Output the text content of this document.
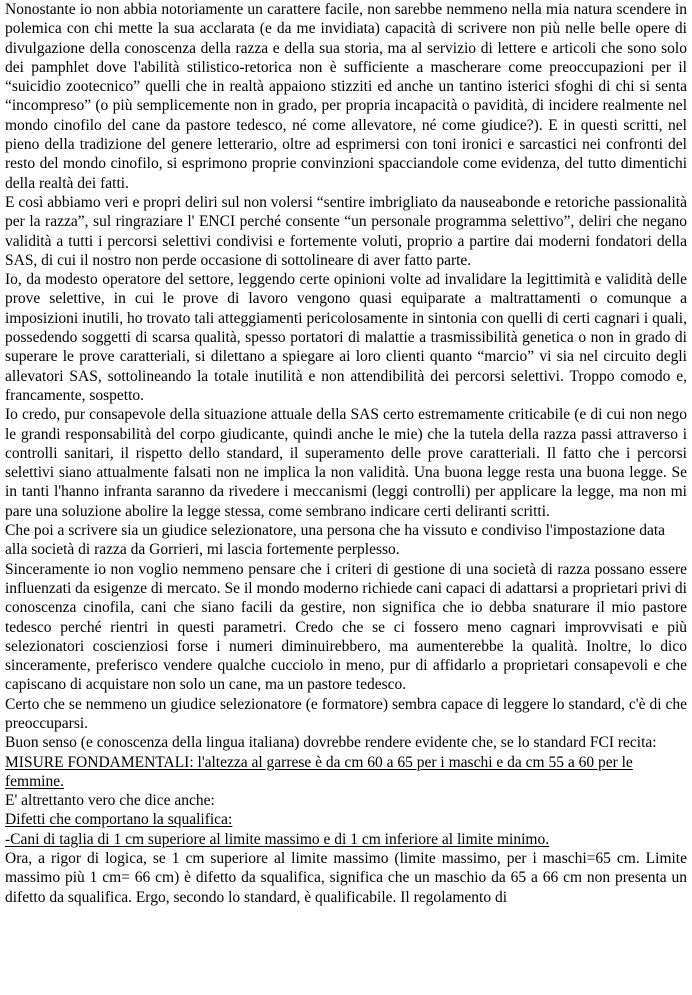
Nonostante io non abbia notoriamente un carattere facile, non sarebbe nemmeno nella mia natura scendere in polemica con chi mette la sua acclarata (e da me invidiata) capacità di scrivere non più nelle belle opere di divulgazione della conoscenza della razza e della sua storia, ma al servizio di lettere e articoli che sono solo dei pamphlet dove l'abilità stilistico-retorica non è sufficiente a mascherare come preoccupazioni per il “suicidio zootecnico” quelli che in realtà appaiono stizziti ed anche un tantino isterici sfoghi di chi si senta “incompreso” (o più semplicemente non in grado, per propria incapacità o pavidità, di incidere realmente nel mondo cinofilo del cane da pastore tedesco, né come allevatore, né come giudice?). E in questi scritti, nel pieno della tradizione del genere letterario, oltre ad esprimersi con toni ironici e sarcastici nei confronti del resto del mondo cinofilo, si esprimono proprie convinzioni spacciandole come evidenza, del tutto dimentichi della realtà dei fatti.

E così abbiamo veri e propri deliri sul non volersi “sentire imbrigliato da nauseabonde e retoriche passionalità per la razza”, sul ringraziare l' ENCI perché consente “un personale programma selettivo”, deliri che negano validità a tutti i percorsi selettivi condivisi e fortemente voluti, proprio a partire dai moderni fondatori della SAS, di cui il nostro non perde occasione di sottolineare di aver fatto parte.

Io, da modesto operatore del settore, leggendo certe opinioni volte ad invalidare la legittimità e validità delle prove selettive, in cui le prove di lavoro vengono quasi equiparate a maltrattamenti o comunque a imposizioni inutili, ho trovato tali atteggiamenti pericolosamente in sintonia con quelli di certi cagnari i quali, possedendo soggetti di scarsa qualità, spesso portatori di malattie a trasmissibilità genetica o non in grado di superare le prove caratteriali, si dilettano a spiegare ai loro clienti quanto “marcio” vi sia nel circuito degli allevatori SAS, sottolineando la totale inutilità e non attendibilità dei percorsi selettivi. Troppo comodo e, francamente, sospetto.

Io credo, pur consapevole della situazione attuale della SAS certo estremamente criticabile (e di cui non nego le grandi responsabilità del corpo giudicante, quindi anche le mie) che la tutela della razza passi attraverso i controlli sanitari, il rispetto dello standard, il superamento delle prove caratteriali. Il fatto che i percorsi selettivi siano attualmente falsati non ne implica la non validità. Una buona legge resta una buona legge. Se in tanti l'hanno infranta saranno da rivedere i meccanismi (leggi controlli) per applicare la legge, ma non mi pare una soluzione abolire la legge stessa, come sembrano indicare certi deliranti scritti.

Che poi a scrivere sia un giudice selezionatore, una persona che ha vissuto e condiviso l'impostazione data alla società di razza da Gorrieri, mi lascia fortemente perplesso.

Sinceramente io non voglio nemmeno pensare che i criteri di gestione di una società di razza possano essere influenzati da esigenze di mercato. Se il mondo moderno richiede cani capaci di adattarsi a proprietari privi di conoscenza cinofila, cani che siano facili da gestire, non significa che io debba snaturare il mio pastore tedesco perché rientri in questi parametri. Credo che se ci fossero meno cagnari improvvisati e più selezionatori coscienziosi forse i numeri diminuirebbero, ma aumenterebbe la qualità. Inoltre, lo dico sinceramente, preferisco vendere qualche cucciolo in meno, pur di affidarlo a proprietari consapevoli e che capiscano di acquistare non solo un cane, ma un pastore tedesco.

Certo che se nemmeno un giudice selezionatore (e formatore) sembra capace di leggere lo standard, c'è di che preoccuparsi.

Buon senso (e conoscenza della lingua italiana) dovrebbe rendere evidente che, se lo standard FCI recita:

MISURE FONDAMENTALI: l'altezza al garrese è da cm 60 a 65 per i maschi e da cm 55 a 60 per le femmine.

E' altrettanto vero che dice anche:

Difetti che comportano la squalifica:

-Cani di taglia di 1 cm superiore al limite massimo e di 1 cm inferiore al limite minimo.

Ora, a rigor di logica, se 1 cm superiore al limite massimo (limite massimo, per i maschi=65 cm. Limite massimo più 1 cm= 66 cm) è difetto da squalifica, significa che un maschio da 65 a 66 cm non presenta un difetto da squalifica. Ergo, secondo lo standard, è qualificabile. Il regolamento di
